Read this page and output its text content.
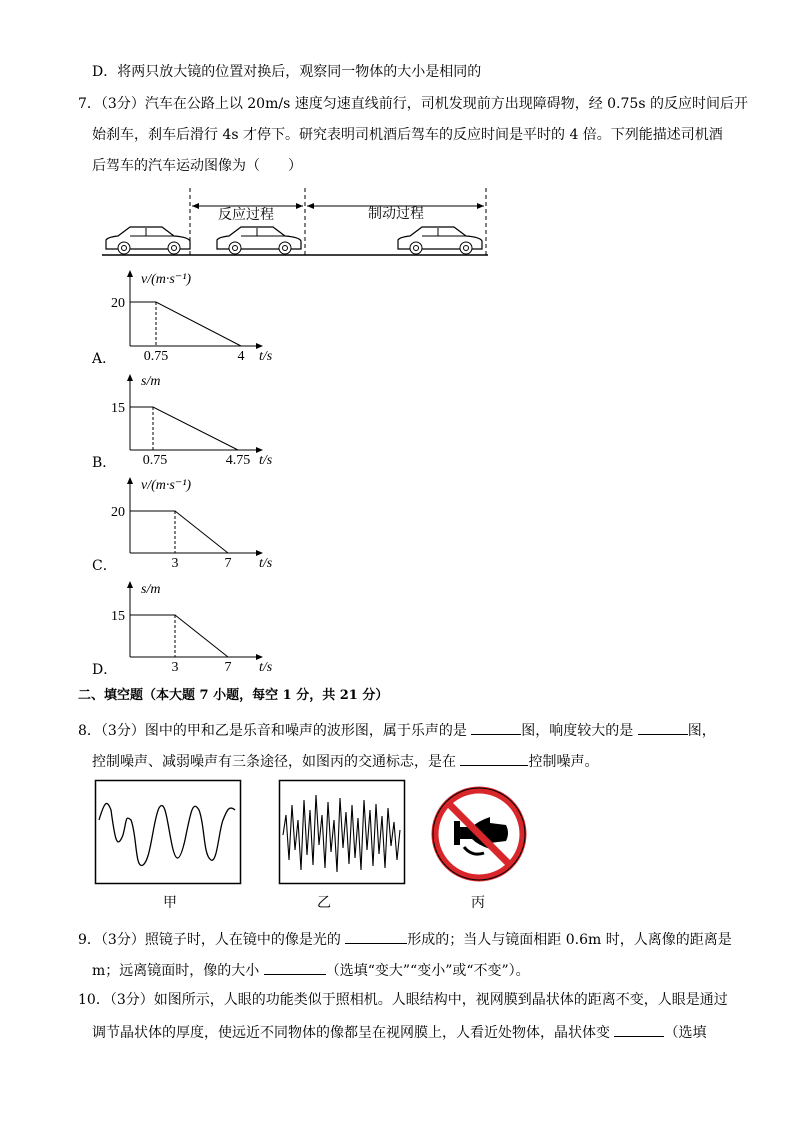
D．将两只放大镜的位置对换后，观察同一物体的大小是相同的
7．（3分）汽车在公路上以 20m/s 速度匀速直线前行，司机发现前方出现障碍物，经 0.75s 的反应时间后开
始刹车，刹车后滑行 4s 才停下。研究表明司机酒后驾车的反应时间是平时的 4 倍。下列能描述司机酒
后驾车的汽车运动图像为（　　）
反应过程	制动过程
A．
v/(m·s⁻¹)
20
0.75	4 t/s
B．
s/m
15
0.75	4.75 t/s
C．
v/(m·s⁻¹)
20
3	7 t/s
D．
s/m
15
3	7 t/s
二、填空题（本大题 7 小题，每空 1 分，共 21 分）
8．（3分）图中的甲和乙是乐音和噪声的波形图，属于乐声的是	图，响度较大的是	图，
控制噪声、减弱噪声有三条途径，如图丙的交通标志，是在	控制噪声。
甲	乙	丙
9．（3分）照镜子时，人在镜中的像是光的	形成的；当人与镜面相距 0.6m 时，人离像的距离是
m；远离镜面时，像的大小	（选填“变大”“变小”或“不变”）。
10．（3分）如图所示，人眼的功能类似于照相机。人眼结构中，视网膜到晶状体的距离不变，人眼是通过
调节晶状体的厚度，使远近不同物体的像都呈在视网膜上，人看近处物体，晶状体变	（选填
